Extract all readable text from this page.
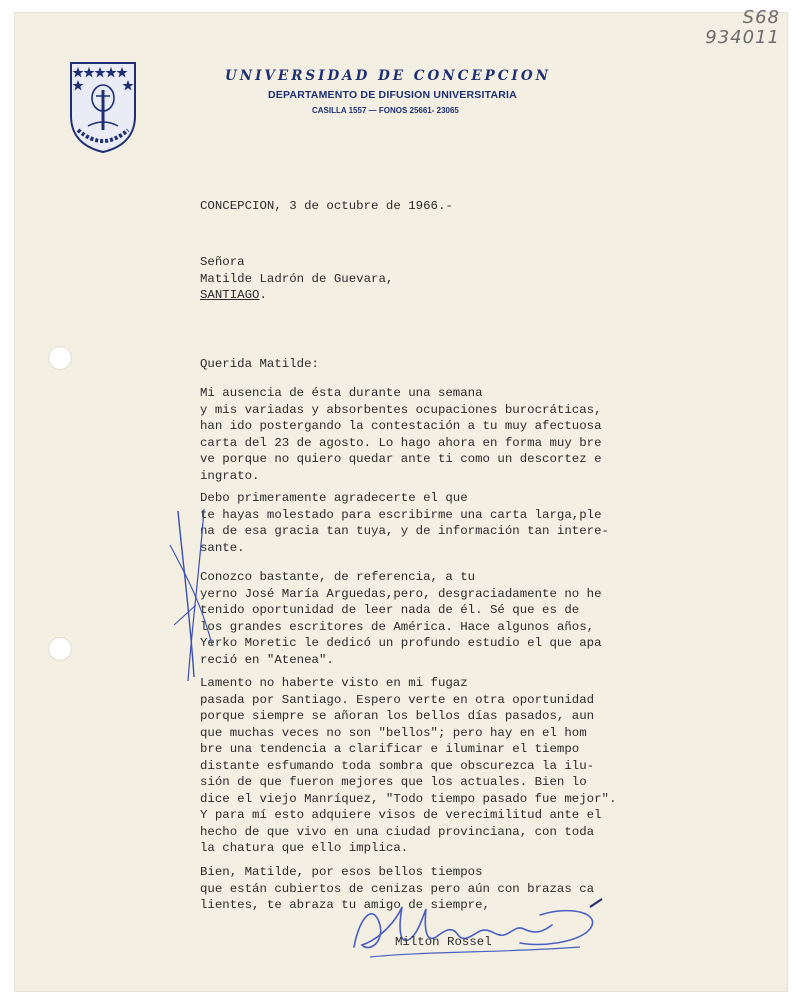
S68
934011
UNIVERSIDAD DE CONCEPCION
DEPARTAMENTO DE DIFUSION UNIVERSITARIA
CASILLA 1557 — FONOS 25661- 23065
CONCEPCION, 3 de octubre de 1966.-
Señora
Matilde Ladrón de Guevara,
SANTIAGO.
Querida Matilde:
Mi ausencia de ésta durante una semana
y mis variadas y absorbentes ocupaciones burocráticas,
han ido postergando la contestación a tu muy afectuosa
carta del 23 de agosto. Lo hago ahora en forma muy bre
ve porque no quiero quedar ante ti como un descortez e
ingrato.
Debo primeramente agradecerte el que
te hayas molestado para escribirme una carta larga,ple
na de esa gracia tan tuya, y de información tan intere-
sante.
Conozco bastante, de referencia, a tu
yerno José María Arguedas,pero, desgraciadamente no he
tenido oportunidad de leer nada de él. Sé que es de
los grandes escritores de América. Hace algunos años,
Yerko Moretic le dedicó un profundo estudio el que apa
reció en "Atenea".
Lamento no haberte visto en mi fugaz
pasada por Santiago. Espero verte en otra oportunidad
porque siempre se añoran los bellos días pasados, aun
que muchas veces no son "bellos"; pero hay en el hom
bre una tendencia a clarificar e iluminar el tiempo
distante esfumando toda sombra que obscurezca la ilu-
sión de que fueron mejores que los actuales. Bien lo
dice el viejo Manríquez, "Todo tiempo pasado fue mejor".
Y para mí esto adquiere visos de verecimilitud ante el
hecho de que vivo en una ciudad provinciana, con toda
la chatura que ello implica.
Bien, Matilde, por esos bellos tiempos
que están cubiertos de cenizas pero aún con brazas ca
lientes, te abraza tu amigo de siempre,
Milton Rossel
